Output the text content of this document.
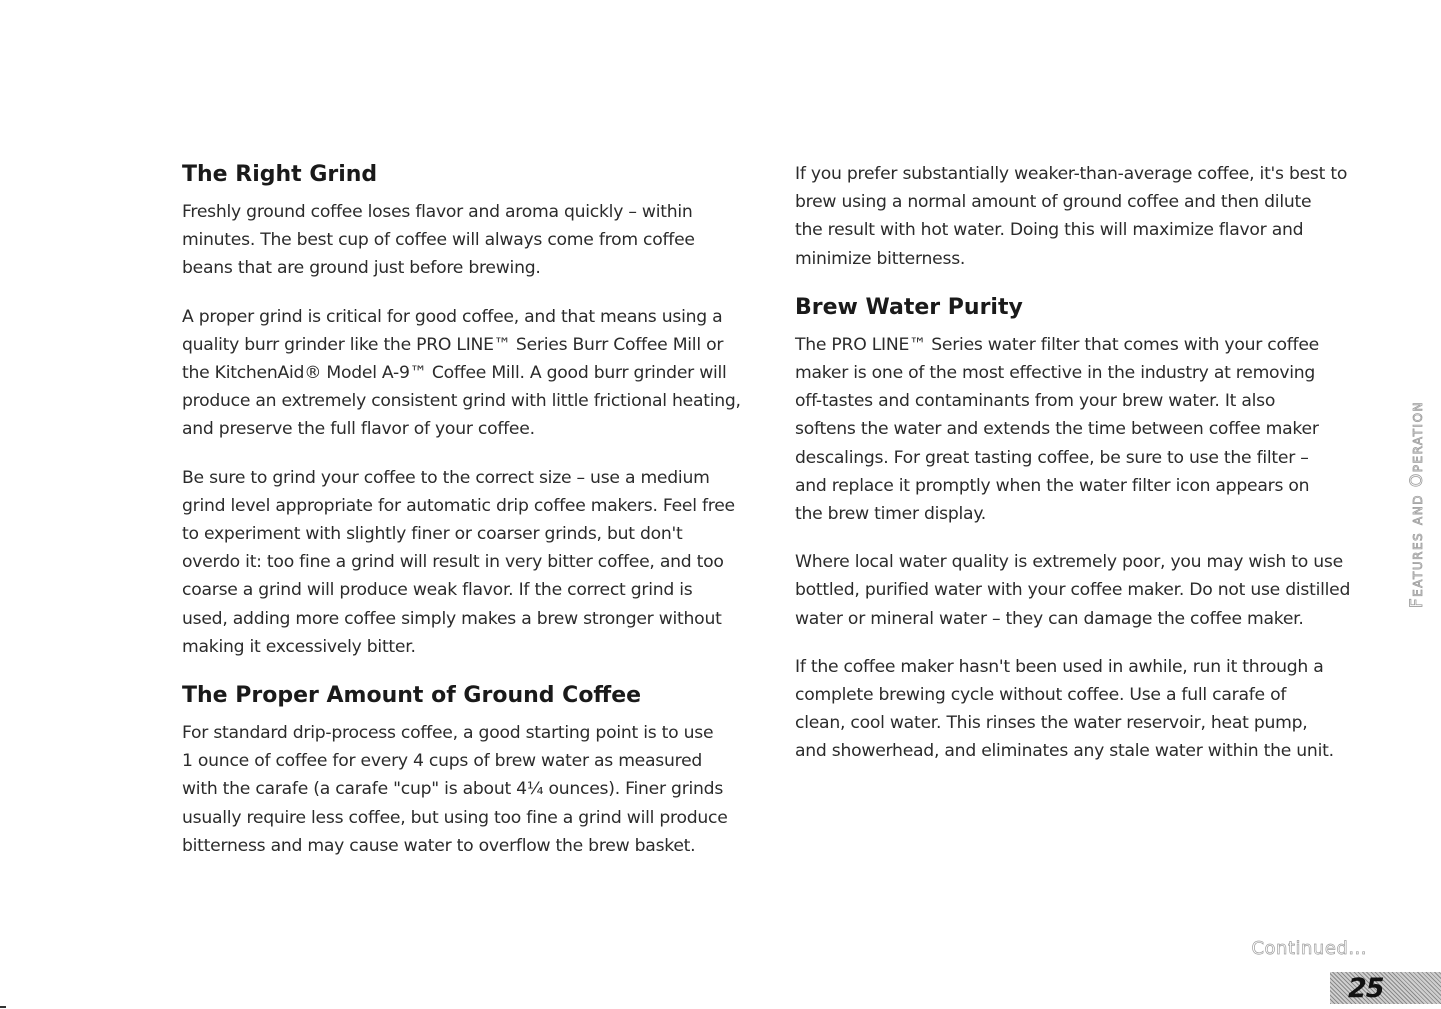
The Right Grind

Freshly ground coffee loses flavor and aroma quickly – within
minutes. The best cup of coffee will always come from coffee
beans that are ground just before brewing.

A proper grind is critical for good coffee, and that means using a
quality burr grinder like the PRO LINE™ Series Burr Coffee Mill or
the KitchenAid® Model A-9™ Coffee Mill. A good burr grinder will
produce an extremely consistent grind with little frictional heating,
and preserve the full flavor of your coffee.

Be sure to grind your coffee to the correct size – use a medium
grind level appropriate for automatic drip coffee makers. Feel free
to experiment with slightly finer or coarser grinds, but don't
overdo it: too fine a grind will result in very bitter coffee, and too
coarse a grind will produce weak flavor. If the correct grind is
used, adding more coffee simply makes a brew stronger without
making it excessively bitter.

The Proper Amount of Ground Coffee

For standard drip-process coffee, a good starting point is to use
1 ounce of coffee for every 4 cups of brew water as measured
with the carafe (a carafe "cup" is about 4¼ ounces). Finer grinds
usually require less coffee, but using too fine a grind will produce
bitterness and may cause water to overflow the brew basket.

If you prefer substantially weaker-than-average coffee, it's best to
brew using a normal amount of ground coffee and then dilute
the result with hot water. Doing this will maximize flavor and
minimize bitterness.

Brew Water Purity

The PRO LINE™ Series water filter that comes with your coffee
maker is one of the most effective in the industry at removing
off-tastes and contaminants from your brew water. It also
softens the water and extends the time between coffee maker
descalings. For great tasting coffee, be sure to use the filter –
and replace it promptly when the water filter icon appears on
the brew timer display.

Where local water quality is extremely poor, you may wish to use
bottled, purified water with your coffee maker. Do not use distilled
water or mineral water – they can damage the coffee maker.

If the coffee maker hasn't been used in awhile, run it through a
complete brewing cycle without coffee. Use a full carafe of
clean, cool water. This rinses the water reservoir, heat pump,
and showerhead, and eliminates any stale water within the unit.

Features and Operation
Continued...
25
